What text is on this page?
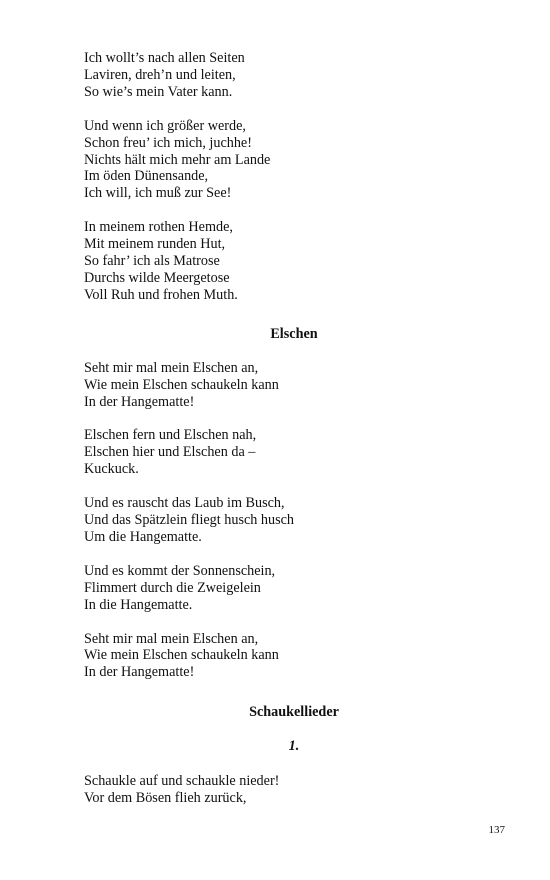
Ich wollt’s nach allen Seiten
Laviren, dreh’n und leiten,
So wie’s mein Vater kann.
Und wenn ich größer werde,
Schon freu’ ich mich, juchhe!
Nichts hält mich mehr am Lande
Im öden Dünensande,
Ich will, ich muß zur See!
In meinem rothen Hemde,
Mit meinem runden Hut,
So fahr’ ich als Matrose
Durchs wilde Meergetose
Voll Ruh und frohen Muth.
Elschen
Seht mir mal mein Elschen an,
Wie mein Elschen schaukeln kann
In der Hangematte!
Elschen fern und Elschen nah,
Elschen hier und Elschen da –
Kuckuck.
Und es rauscht das Laub im Busch,
Und das Spätzlein fliegt husch husch
Um die Hangematte.
Und es kommt der Sonnenschein,
Flimmert durch die Zweigelein
In die Hangematte.
Seht mir mal mein Elschen an,
Wie mein Elschen schaukeln kann
In der Hangematte!
Schaukellieder
1.
Schaukle auf und schaukle nieder!
Vor dem Bösen flieh zurück,
137
